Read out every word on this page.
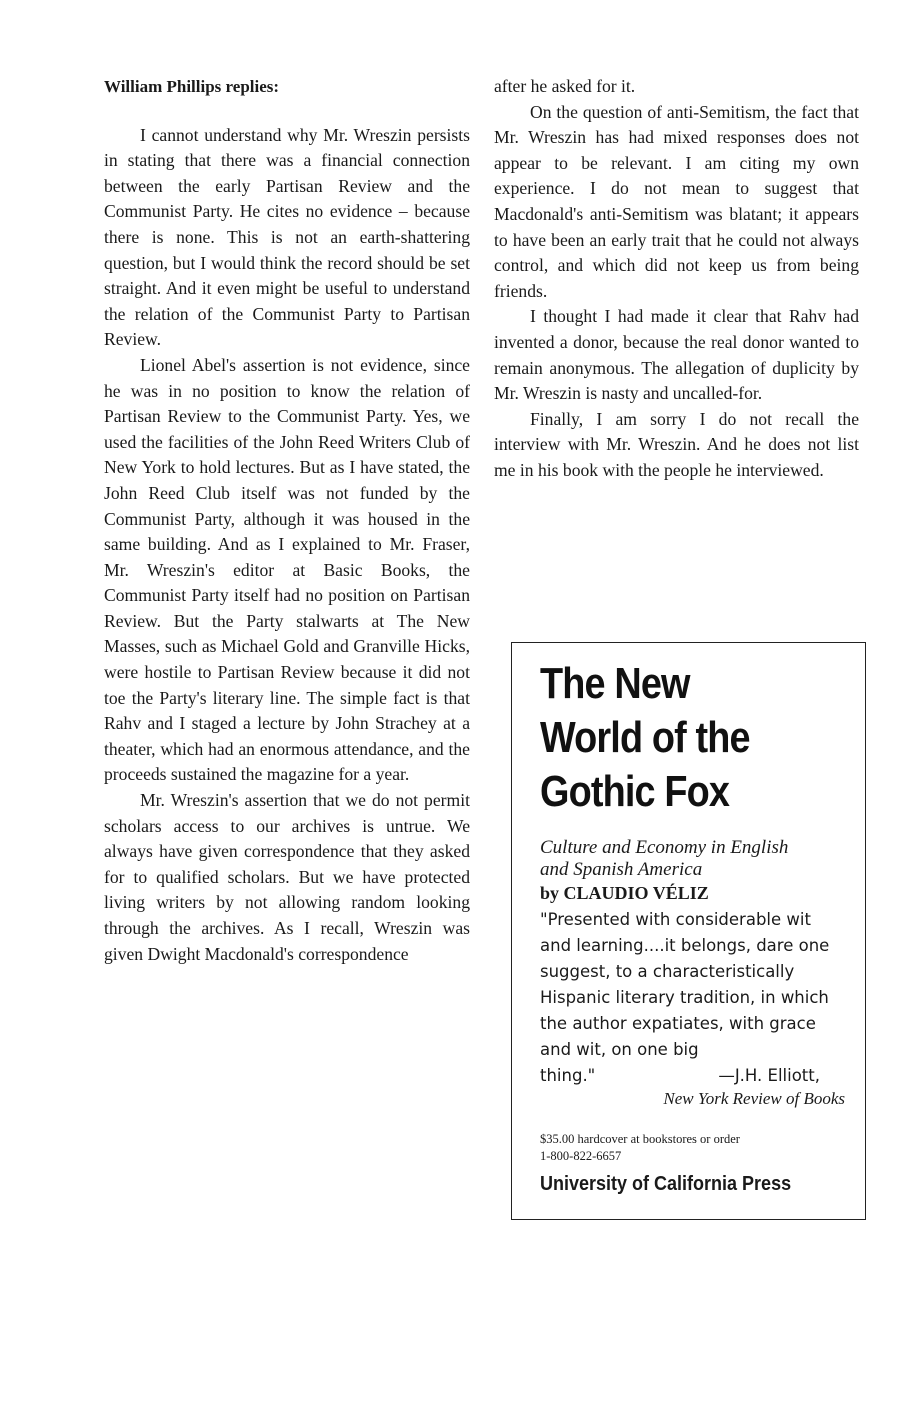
William Phillips replies:

I cannot understand why Mr. Wreszin persists in stating that there was a financial connection between the early Partisan Review and the Communist Party. He cites no evidence – because there is none. This is not an earth-shattering question, but I would think the record should be set straight. And it even might be useful to understand the relation of the Communist Party to Partisan Review.

Lionel Abel's assertion is not evidence, since he was in no position to know the relation of Partisan Review to the Communist Party. Yes, we used the facilities of the John Reed Writers Club of New York to hold lectures. But as I have stated, the John Reed Club itself was not funded by the Communist Party, although it was housed in the same building. And as I explained to Mr. Fraser, Mr. Wreszin's editor at Basic Books, the Communist Party itself had no position on Partisan Review. But the Party stalwarts at The New Masses, such as Michael Gold and Granville Hicks, were hostile to Partisan Review because it did not toe the Party's literary line. The simple fact is that Rahv and I staged a lecture by John Strachey at a theater, which had an enormous attendance, and the proceeds sustained the magazine for a year.

Mr. Wreszin's assertion that we do not permit scholars access to our archives is untrue. We always have given correspondence that they asked for to qualified scholars. But we have protected living writers by not allowing random looking through the archives. As I recall, Wreszin was given Dwight Macdonald's correspondence

after he asked for it.

On the question of anti-Semitism, the fact that Mr. Wreszin has had mixed responses does not appear to be relevant. I am citing my own experience. I do not mean to suggest that Macdonald's anti-Semitism was blatant; it appears to have been an early trait that he could not always control, and which did not keep us from being friends.

I thought I had made it clear that Rahv had invented a donor, because the real donor wanted to remain anonymous. The allegation of duplicity by Mr. Wreszin is nasty and uncalled-for.

Finally, I am sorry I do not recall the interview with Mr. Wreszin. And he does not list me in his book with the people he interviewed.

The New
World of the
Gothic Fox
Culture and Economy in English
and Spanish America
by CLAUDIO VÉLIZ
"Presented with considerable wit and learning....it belongs, dare one suggest, to a characteristically Hispanic literary tradition, in which the author expatiates, with grace and wit, on one big
thing."	—J.H. Elliott,
New York Review of Books
$35.00 hardcover at bookstores or order
1-800-822-6657
University of California Press
